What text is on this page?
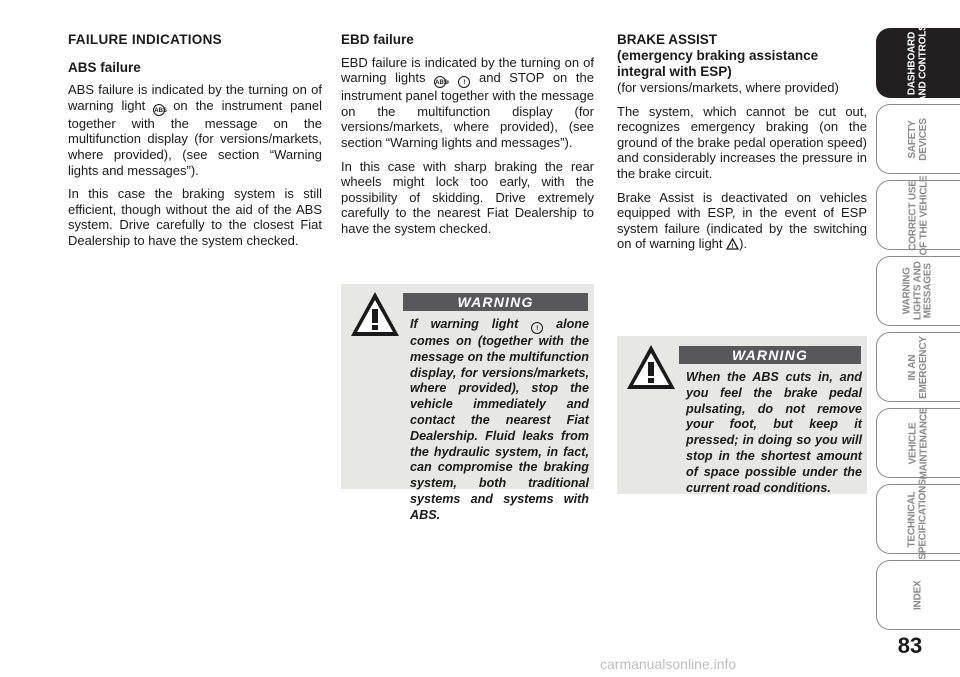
FAILURE INDICATIONS
ABS failure

ABS failure is indicated by the turning on of warning light ABS on the instrument panel together with the message on the multifunction display (for versions/markets, where provided), (see section “Warning lights and messages”).

In this case the braking system is still efficient, though without the aid of the ABS system. Drive carefully to the closest Fiat Dealership to have the system checked.

EBD failure

EBD failure is indicated by the turning on of warning lights ABS, ! and STOP on the instrument panel together with the message on the multifunction display (for versions/markets, where provided), (see section “Warning lights and messages”).

In this case with sharp braking the rear wheels might lock too early, with the possibility of skidding. Drive extremely carefully to the nearest Fiat Dealership to have the system checked.

BRAKE ASSIST
(emergency braking assistance integral with ESP)

(for versions/markets, where provided)

The system, which cannot be cut out, recognizes emergency braking (on the ground of the brake pedal operation speed) and considerably increases the pressure in the brake circuit.

Brake Assist is deactivated on vehicles equipped with ESP, in the event of ESP system failure (indicated by the switching on of warning light ! ).

WARNING
If warning light	! alone comes on (together with the message on the multifunction display, for versions/markets, where provided), stop the vehicle immediately and contact the nearest Fiat Dealership. Fluid leaks from the hydraulic system, in fact, can compromise the braking system, both traditional systems and systems with ABS.
WARNING
When the ABS cuts in, and you feel the brake pedal pulsating, do not remove your foot, but keep it pressed; in doing so you will stop in the shortest amount of space possible under the current road conditions.
DASHBOARD
AND CONTROLS
SAFETY
DEVICES
CORRECT USE
OF THE VEHICLE
WARNING
LIGHTS AND
MESSAGES
IN AN
EMERGENCY
VEHICLE
MAINTENANCE
TECHNICAL
SPECIFICATIONS
INDEX
83
carmanualsonline.info
